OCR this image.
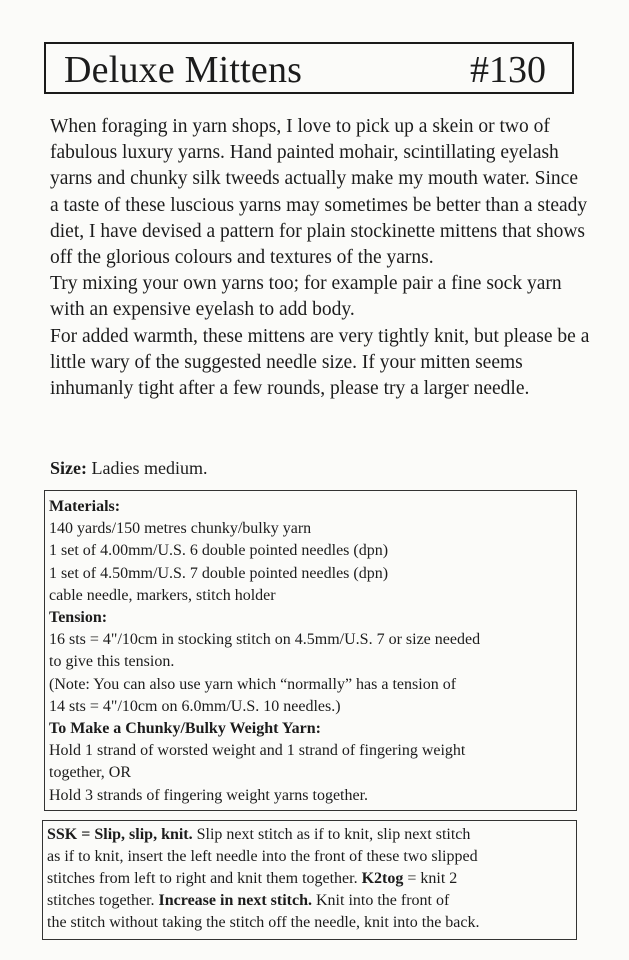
Deluxe Mittens	#130

When foraging in yarn shops, I love to pick up a skein or two of fabulous luxury yarns. Hand painted mohair, scintillating eyelash yarns and chunky silk tweeds actually make my mouth water. Since a taste of these luscious yarns may sometimes be better than a steady diet, I have devised a pattern for plain stockinette mittens that shows off the glorious colours and textures of the yarns.

Try mixing your own yarns too; for example pair a fine sock yarn with an expensive eyelash to add body.

For added warmth, these mittens are very tightly knit, but please be a little wary of the suggested needle size. If your mitten seems inhumanly tight after a few rounds, please try a larger needle.

Size: Ladies medium.
Materials:
140 yards/150 metres chunky/bulky yarn
1 set of 4.00mm/U.S. 6 double pointed needles (dpn)
1 set of 4.50mm/U.S. 7 double pointed needles (dpn)
cable needle, markers, stitch holder
Tension:
16 sts = 4"/10cm in stocking stitch on 4.5mm/U.S. 7 or size needed
to give this tension.
(Note: You can also use yarn which “normally” has a tension of
14 sts = 4"/10cm on 6.0mm/U.S. 10 needles.)
To Make a Chunky/Bulky Weight Yarn:
Hold 1 strand of worsted weight and 1 strand of fingering weight
together, OR
Hold 3 strands of fingering weight yarns together.
SSK = Slip, slip, knit. Slip next stitch as if to knit, slip next stitch
as if to knit, insert the left needle into the front of these two slipped
stitches from left to right and knit them together. K2tog = knit 2
stitches together. Increase in next stitch. Knit into the front of
the stitch without taking the stitch off the needle, knit into the back.
